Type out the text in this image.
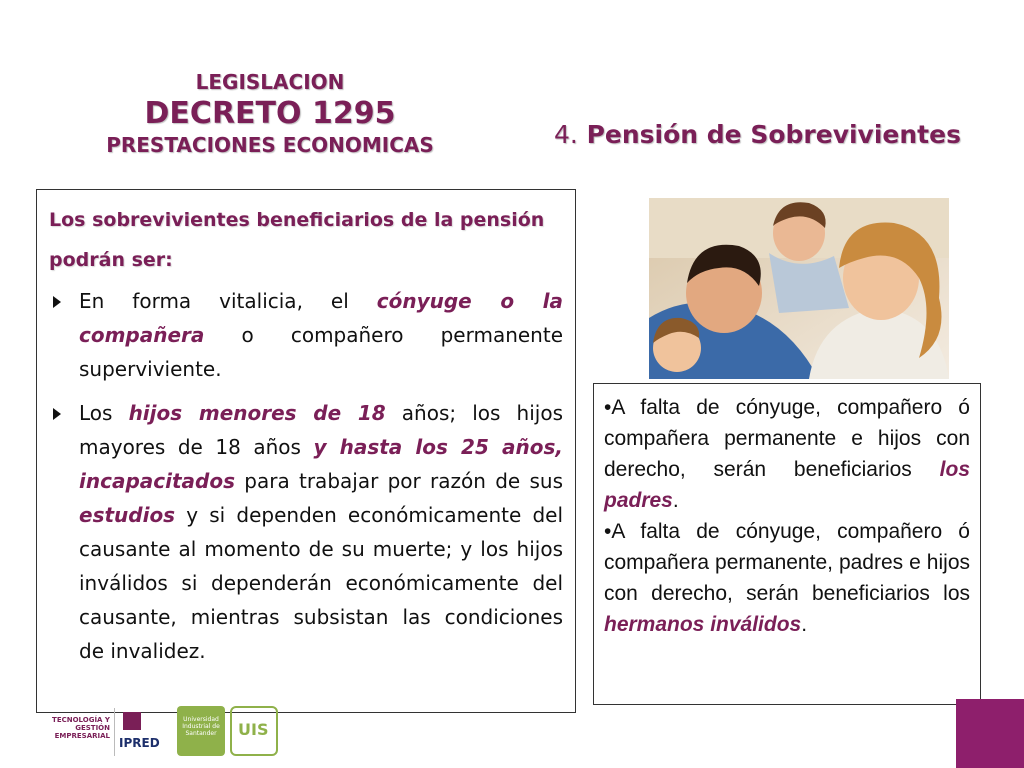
LEGISLACION
DECRETO 1295
PRESTACIONES ECONOMICAS	4. Pensión de Sobrevivientes
Los sobrevivientes beneficiarios de la pensión podrán ser:
En forma vitalicia, el cónyuge o la compañera o compañero permanente superviviente.
Los hijos menores de 18 años; los hijos mayores de 18 años y hasta los 25 años, incapacitados para trabajar por razón de sus estudios y si dependen económicamente del causante al momento de su muerte; y los hijos inválidos si dependerán económicamente del causante, mientras subsistan las condiciones de invalidez.
•A falta de cónyuge, compañero ó compañera permanente e hijos con derecho, serán beneficiarios los padres.
•A falta de cónyuge, compañero ó compañera permanente, padres e hijos con derecho, serán beneficiarios los hermanos inválidos.
TECNOLOGÍA Y GESTIÓN EMPRESARIAL IPRED
Universidad Industrial de Santander	UIS
